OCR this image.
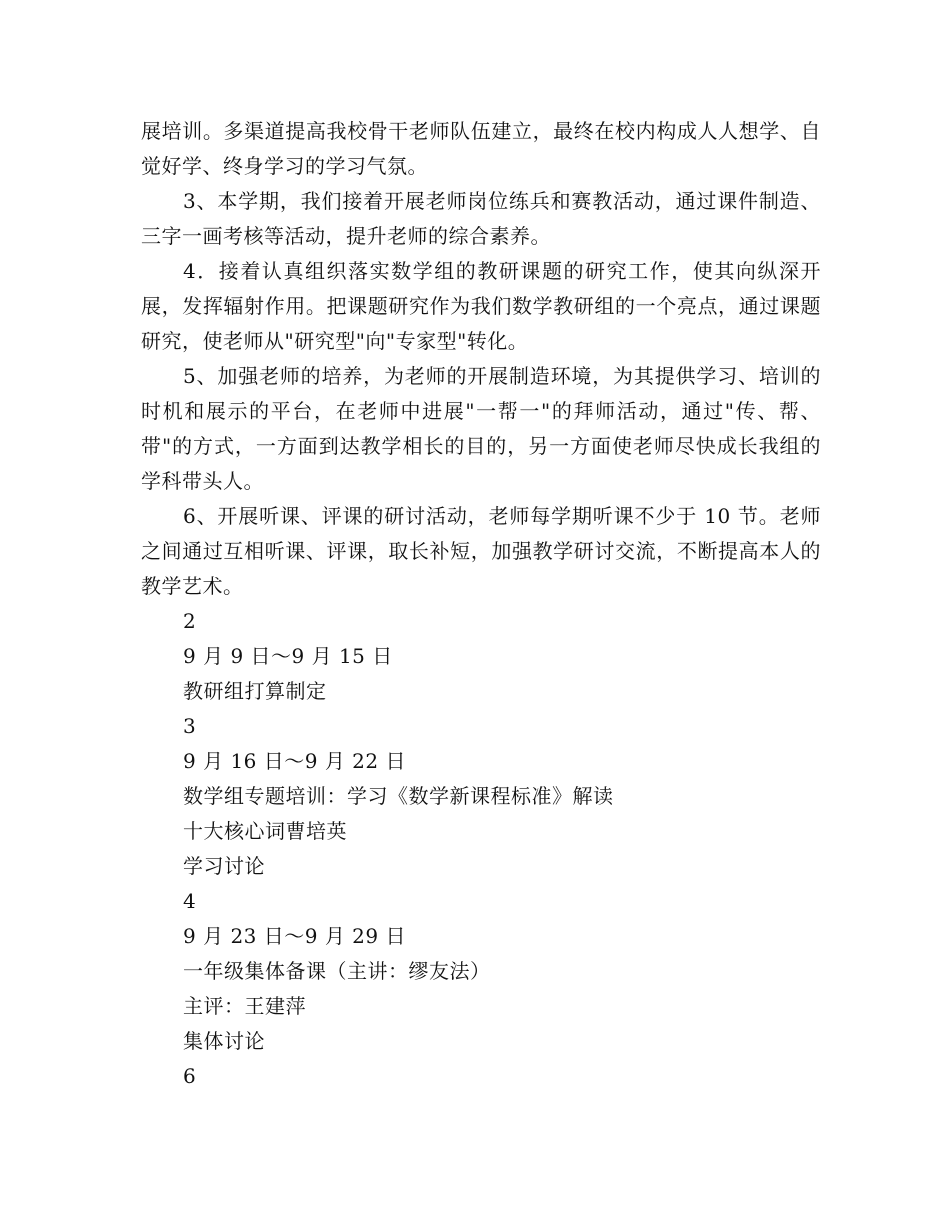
展培训。多渠道提高我校骨干老师队伍建立，最终在校内构成人人想学、自觉好学、终身学习的学习气氛。

3、本学期，我们接着开展老师岗位练兵和赛教活动，通过课件制造、三字一画考核等活动，提升老师的综合素养。

4．接着认真组织落实数学组的教研课题的研究工作，使其向纵深开展，发挥辐射作用。把课题研究作为我们数学教研组的一个亮点，通过课题研究，使老师从"研究型"向"专家型"转化。

5、加强老师的培养，为老师的开展制造环境，为其提供学习、培训的时机和展示的平台，在老师中进展"一帮一"的拜师活动，通过"传、帮、带"的方式，一方面到达教学相长的目的，另一方面使老师尽快成长我组的学科带头人。

6、开展听课、评课的研讨活动，老师每学期听课不少于 10 节。老师之间通过互相听课、评课，取长补短，加强教学研讨交流，不断提高本人的教学艺术。

2
9 月 9 日～9 月 15 日
教研组打算制定
3
9 月 16 日～9 月 22 日
数学组专题培训：学习《数学新课程标准》解读
十大核心词曹培英
学习讨论
4
9 月 23 日～9 月 29 日
一年级集体备课（主讲：缪友法）
主评：王建萍
集体讨论
6
